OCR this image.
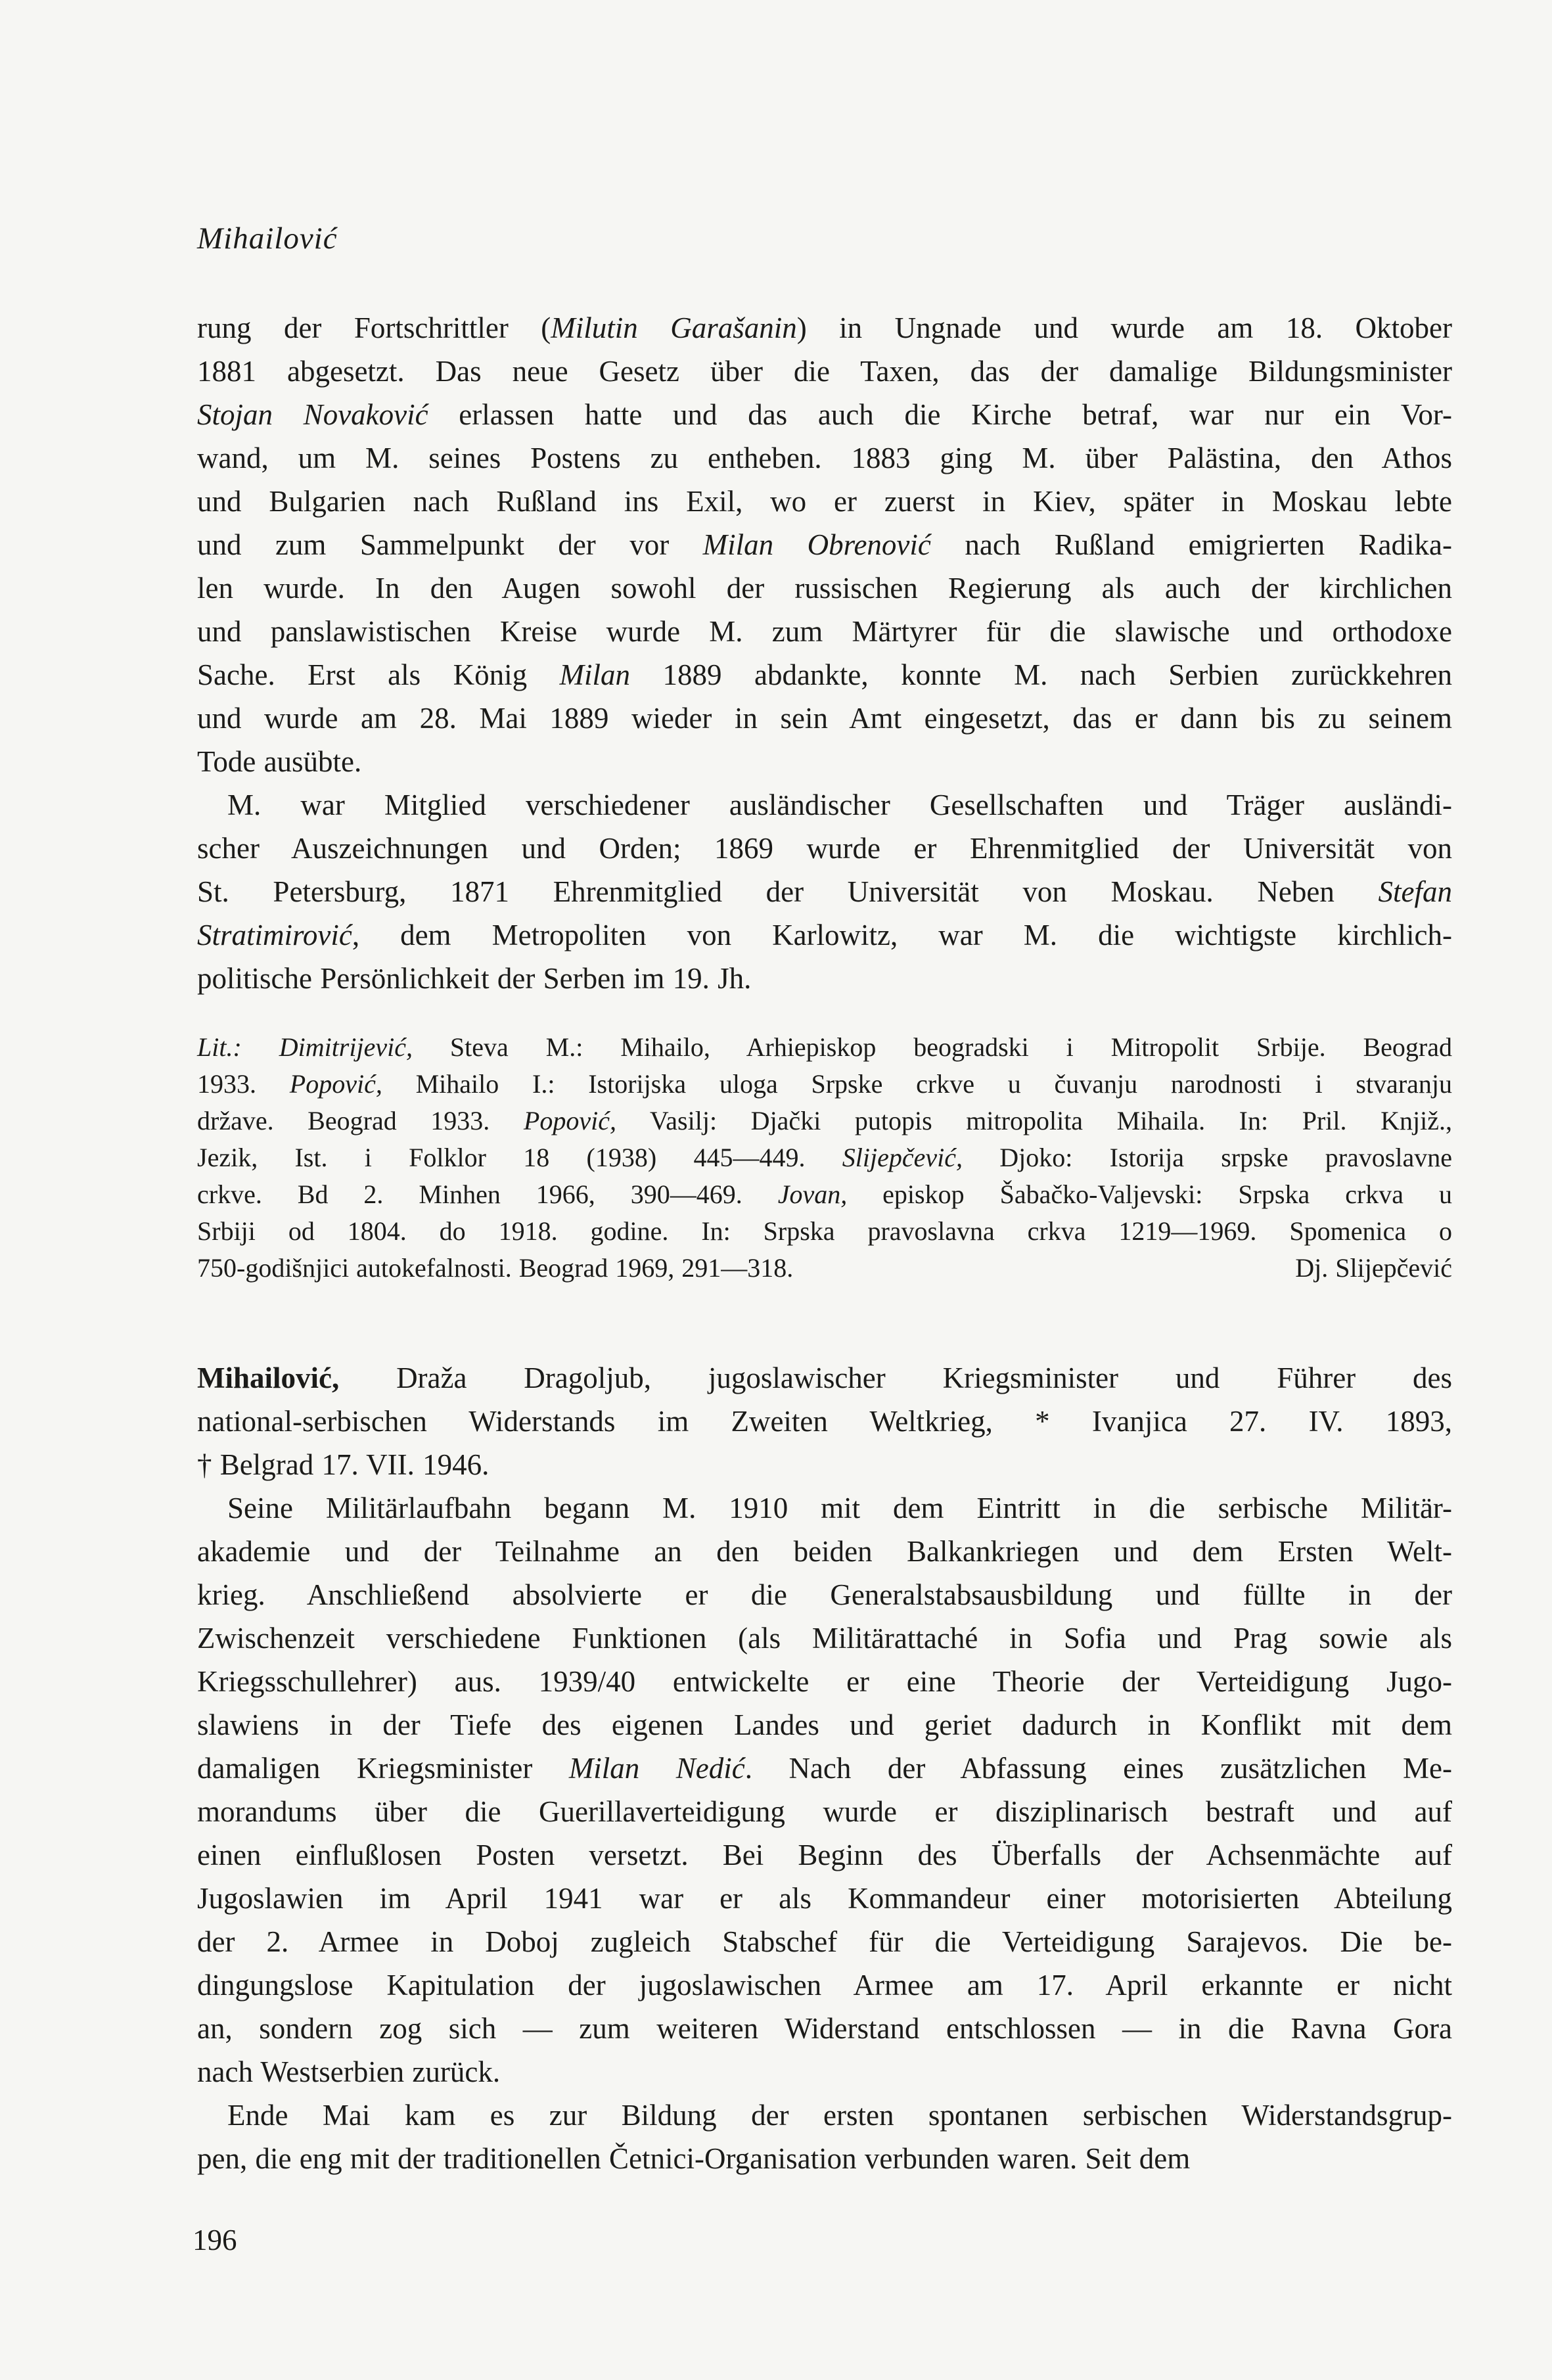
Mihailović
rung der Fortschrittler (Milutin Garašanin) in Ungnade und wurde am 18. Oktober
1881 abgesetzt. Das neue Gesetz über die Taxen, das der damalige Bildungsminister
Stojan Novaković erlassen hatte und das auch die Kirche betraf, war nur ein Vor-
wand, um M. seines Postens zu entheben. 1883 ging M. über Palästina, den Athos
und Bulgarien nach Rußland ins Exil, wo er zuerst in Kiev, später in Moskau lebte
und zum Sammelpunkt der vor Milan Obrenović nach Rußland emigrierten Radika-
len wurde. In den Augen sowohl der russischen Regierung als auch der kirchlichen
und panslawistischen Kreise wurde M. zum Märtyrer für die slawische und orthodoxe
Sache. Erst als König Milan 1889 abdankte, konnte M. nach Serbien zurückkehren
und wurde am 28. Mai 1889 wieder in sein Amt eingesetzt, das er dann bis zu seinem
Tode ausübte.
M. war Mitglied verschiedener ausländischer Gesellschaften und Träger ausländi-
scher Auszeichnungen und Orden; 1869 wurde er Ehrenmitglied der Universität von
St. Petersburg, 1871 Ehrenmitglied der Universität von Moskau. Neben Stefan
Stratimirović, dem Metropoliten von Karlowitz, war M. die wichtigste kirchlich-
politische Persönlichkeit der Serben im 19. Jh.
Lit.: Dimitrijević, Steva M.: Mihailo, Arhiepiskop beogradski i Mitropolit Srbije. Beograd
1933. Popović, Mihailo I.: Istorijska uloga Srpske crkve u čuvanju narodnosti i stvaranju
države. Beograd 1933. Popović, Vasilj: Djački putopis mitropolita Mihaila. In: Pril. Knjiž.,
Jezik, Ist. i Folklor 18 (1938) 445—449. Slijepčević, Djoko: Istorija srpske pravoslavne
crkve. Bd 2. Minhen 1966, 390—469. Jovan, episkop Šabačko-Valjevski: Srpska crkva u
Srbiji od 1804. do 1918. godine. In: Srpska pravoslavna crkva 1219—1969. Spomenica o
750-godišnjici autokefalnosti. Beograd 1969, 291—318.	Dj. Slijepčević
Mihailović, Draža Dragoljub, jugoslawischer Kriegsminister und Führer des
national-serbischen Widerstands im Zweiten Weltkrieg, * Ivanjica 27. IV. 1893,
† Belgrad 17. VII. 1946.
Seine Militärlaufbahn begann M. 1910 mit dem Eintritt in die serbische Militär-
akademie und der Teilnahme an den beiden Balkankriegen und dem Ersten Welt-
krieg. Anschließend absolvierte er die Generalstabsausbildung und füllte in der
Zwischenzeit verschiedene Funktionen (als Militärattaché in Sofia und Prag sowie als
Kriegsschullehrer) aus. 1939/40 entwickelte er eine Theorie der Verteidigung Jugo-
slawiens in der Tiefe des eigenen Landes und geriet dadurch in Konflikt mit dem
damaligen Kriegsminister Milan Nedić. Nach der Abfassung eines zusätzlichen Me-
morandums über die Guerillaverteidigung wurde er disziplinarisch bestraft und auf
einen einflußlosen Posten versetzt. Bei Beginn des Überfalls der Achsenmächte auf
Jugoslawien im April 1941 war er als Kommandeur einer motorisierten Abteilung
der 2. Armee in Doboj zugleich Stabschef für die Verteidigung Sarajevos. Die be-
dingungslose Kapitulation der jugoslawischen Armee am 17. April erkannte er nicht
an, sondern zog sich — zum weiteren Widerstand entschlossen — in die Ravna Gora
nach Westserbien zurück.
Ende Mai kam es zur Bildung der ersten spontanen serbischen Widerstandsgrup-
pen, die eng mit der traditionellen Četnici-Organisation verbunden waren. Seit dem
196
